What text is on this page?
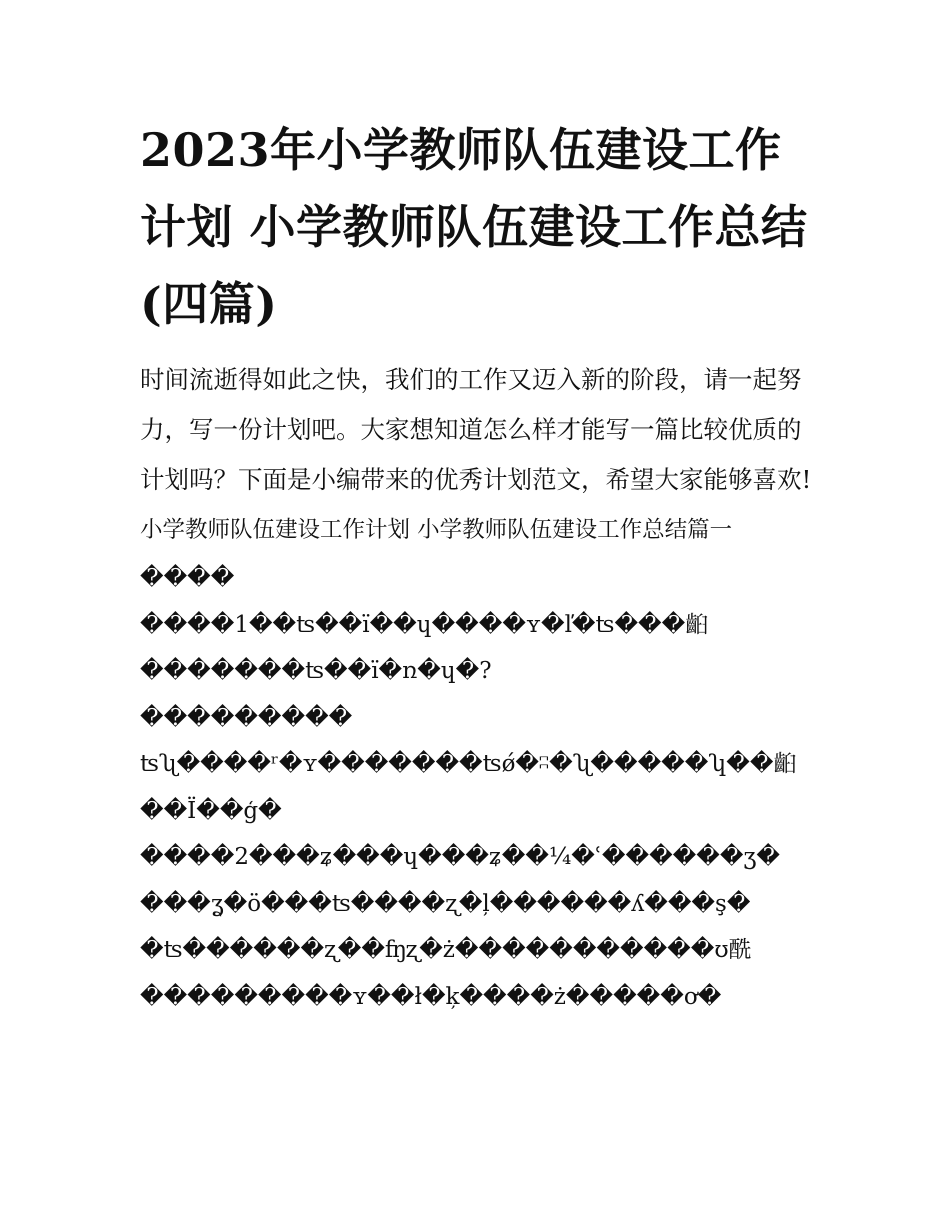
2023年小学教师队伍建设工作计划 小学教师队伍建设工作总结(四篇)

时间流逝得如此之快，我们的工作又迈入新的阶段，请一起努力，写一份计划吧。大家想知道怎么样才能写一篇比较优质的计划吗？下面是小编带来的优秀计划范文，希望大家能够喜欢!

小学教师队伍建设工作计划 小学教师队伍建设工作总结篇一

����

����1��ʦ��ï��ɥ����ʏ�ľ�ʦ���齨

�������ʦ��ï�ռ�ɥ�?

���������

ʦʯ����ʳ�ʏ�������ʦǿ�ʭ�ʯ�����ʮ��齨

��Ï��ģ�

����2���ʑ���ɥ���ʑ��¼�ʿ������ʒ�

���ʓ�ö���ʦ����ʐ�ļ������ʎ���ş�

�ʦ������ʐ��ʩʐ�ż�����������ʊ酰

���������ʏ��ł�ķ����ż�����ơ�
